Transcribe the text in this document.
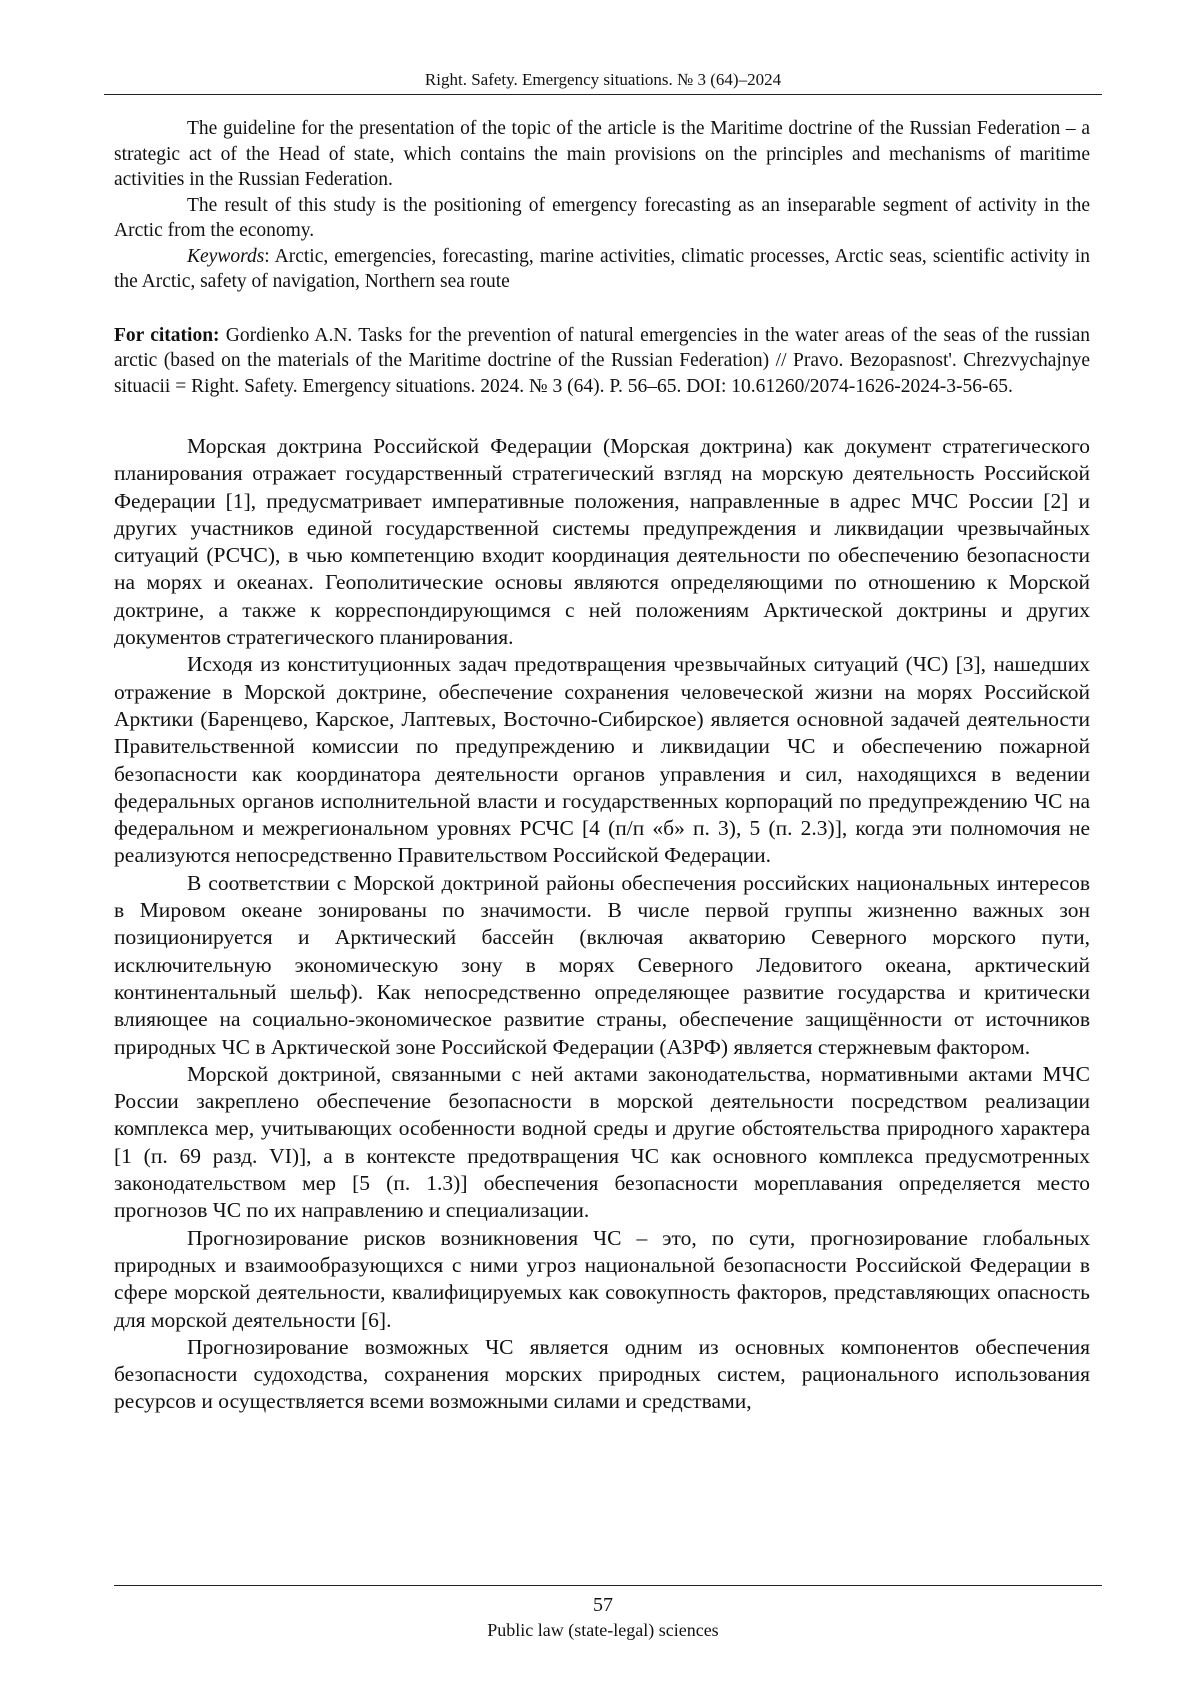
Right. Safety. Emergency situations. № 3 (64)–2024

The guideline for the presentation of the topic of the article is the Maritime doctrine of the Russian Federation – a strategic act of the Head of state, which contains the main provisions on the principles and mechanisms of maritime activities in the Russian Federation.

The result of this study is the positioning of emergency forecasting as an inseparable segment of activity in the Arctic from the economy.

Keywords: Arctic, emergencies, forecasting, marine activities, climatic processes, Arctic seas, scientific activity in the Arctic, safety of navigation, Northern sea route

For citation: Gordienko A.N. Tasks for the prevention of natural emergencies in the water areas of the seas of the russian arctic (based on the materials of the Maritime doctrine of the Russian Federation) // Pravo. Bezopasnost'. Chrezvychajnye situacii = Right. Safety. Emergency situations. 2024. № 3 (64). P. 56–65. DOI: 10.61260/2074-1626-2024-3-56-65.

Морская доктрина Российской Федерации (Морская доктрина) как документ стратегического планирования отражает государственный стратегический взгляд на морскую деятельность Российской Федерации [1], предусматривает императивные положения, направленные в адрес МЧС России [2] и других участников единой государственной системы предупреждения и ликвидации чрезвычайных ситуаций (РСЧС), в чью компетенцию входит координация деятельности по обеспечению безопасности на морях и океанах. Геополитические основы являются определяющими по отношению к Морской доктрине, а также к корреспондирующимся с ней положениям Арктической доктрины и других документов стратегического планирования.

Исходя из конституционных задач предотвращения чрезвычайных ситуаций (ЧС) [3], нашедших отражение в Морской доктрине, обеспечение сохранения человеческой жизни на морях Российской Арктики (Баренцево, Карское, Лаптевых, Восточно-Сибирское) является основной задачей деятельности Правительственной комиссии по предупреждению и ликвидации ЧС и обеспечению пожарной безопасности как координатора деятельности органов управления и сил, находящихся в ведении федеральных органов исполнительной власти и государственных корпораций по предупреждению ЧС на федеральном и межрегиональном уровнях РСЧС [4 (п/п «б» п. 3), 5 (п. 2.3)], когда эти полномочия не реализуются непосредственно Правительством Российской Федерации.

В соответствии с Морской доктриной районы обеспечения российских национальных интересов в Мировом океане зонированы по значимости. В числе первой группы жизненно важных зон позиционируется и Арктический бассейн (включая акваторию Северного морского пути, исключительную экономическую зону в морях Северного Ледовитого океана, арктический континентальный шельф). Как непосредственно определяющее развитие государства и критически влияющее на социально-экономическое развитие страны, обеспечение защищённости от источников природных ЧС в Арктической зоне Российской Федерации (АЗРФ) является стержневым фактором.

Морской доктриной, связанными с ней актами законодательства, нормативными актами МЧС России закреплено обеспечение безопасности в морской деятельности посредством реализации комплекса мер, учитывающих особенности водной среды и другие обстоятельства природного характера [1 (п. 69 разд. VI)], а в контексте предотвращения ЧС как основного комплекса предусмотренных законодательством мер [5 (п. 1.3)] обеспечения безопасности мореплавания определяется место прогнозов ЧС по их направлению и специализации.

Прогнозирование рисков возникновения ЧС – это, по сути, прогнозирование глобальных природных и взаимообразующихся с ними угроз национальной безопасности Российской Федерации в сфере морской деятельности, квалифицируемых как совокупность факторов, представляющих опасность для морской деятельности [6].

Прогнозирование возможных ЧС является одним из основных компонентов обеспечения безопасности судоходства, сохранения морских природных систем, рационального использования ресурсов и осуществляется всеми возможными силами и средствами,

57
Public law (state-legal) sciences
